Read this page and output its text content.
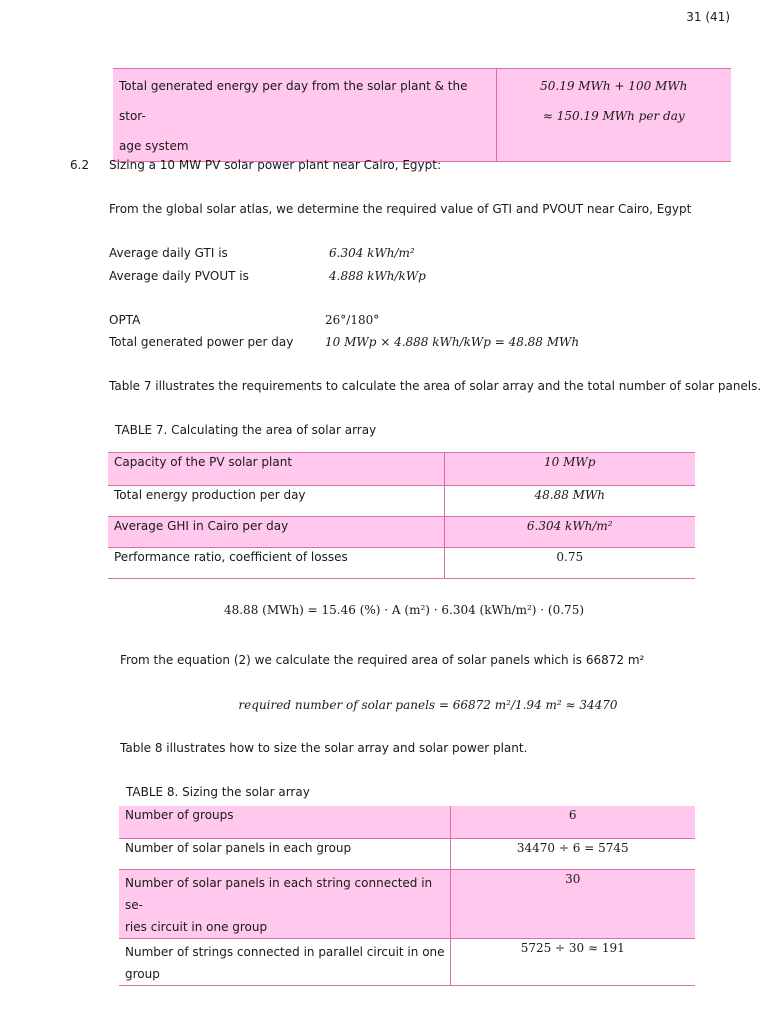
31 (41)
Total generated energy per day from the solar plant & the stor-
age system

50.19 MWh + 100 MWh
≈ 150.19 MWh per day
6.2 Sizing a 10 MW PV solar power plant near Cairo, Egypt:
From the global solar atlas, we determine the required value of GTI and PVOUT near Cairo, Egypt
Average daily GTI is	6.304 kWh/m²
Average daily PVOUT is	4.888 kWh/kWp
OPTA	26°/180°
Total generated power per day	10 MWp × 4.888 kWh/kWp = 48.88 MWh
Table 7 illustrates the requirements to calculate the area of solar array and the total number of solar panels.
TABLE 7. Calculating the area of solar array
Capacity of the PV solar plant	10 MWp
Total energy production per day	48.88 MWh
Average GHI in Cairo per day	6.304 kWh/m²
Performance ratio, coefficient of losses	0.75
48.88 (MWh) = 15.46 (%) · A (m²) · 6.304 (kWh/m²) · (0.75)
From the equation (2) we calculate the required area of solar panels which is 66872 m²
required number of solar panels = 66872 m²/1.94 m² ≈ 34470
Table 8 illustrates how to size the solar array and solar power plant.
TABLE 8. Sizing the solar array
Number of groups	6
Number of solar panels in each group	34470 ÷ 6 = 5745

Number of solar panels in each string connected in se-
ries circuit in one group	30

Number of strings connected in parallel circuit in one
group	5725 ÷ 30 ≈ 191
